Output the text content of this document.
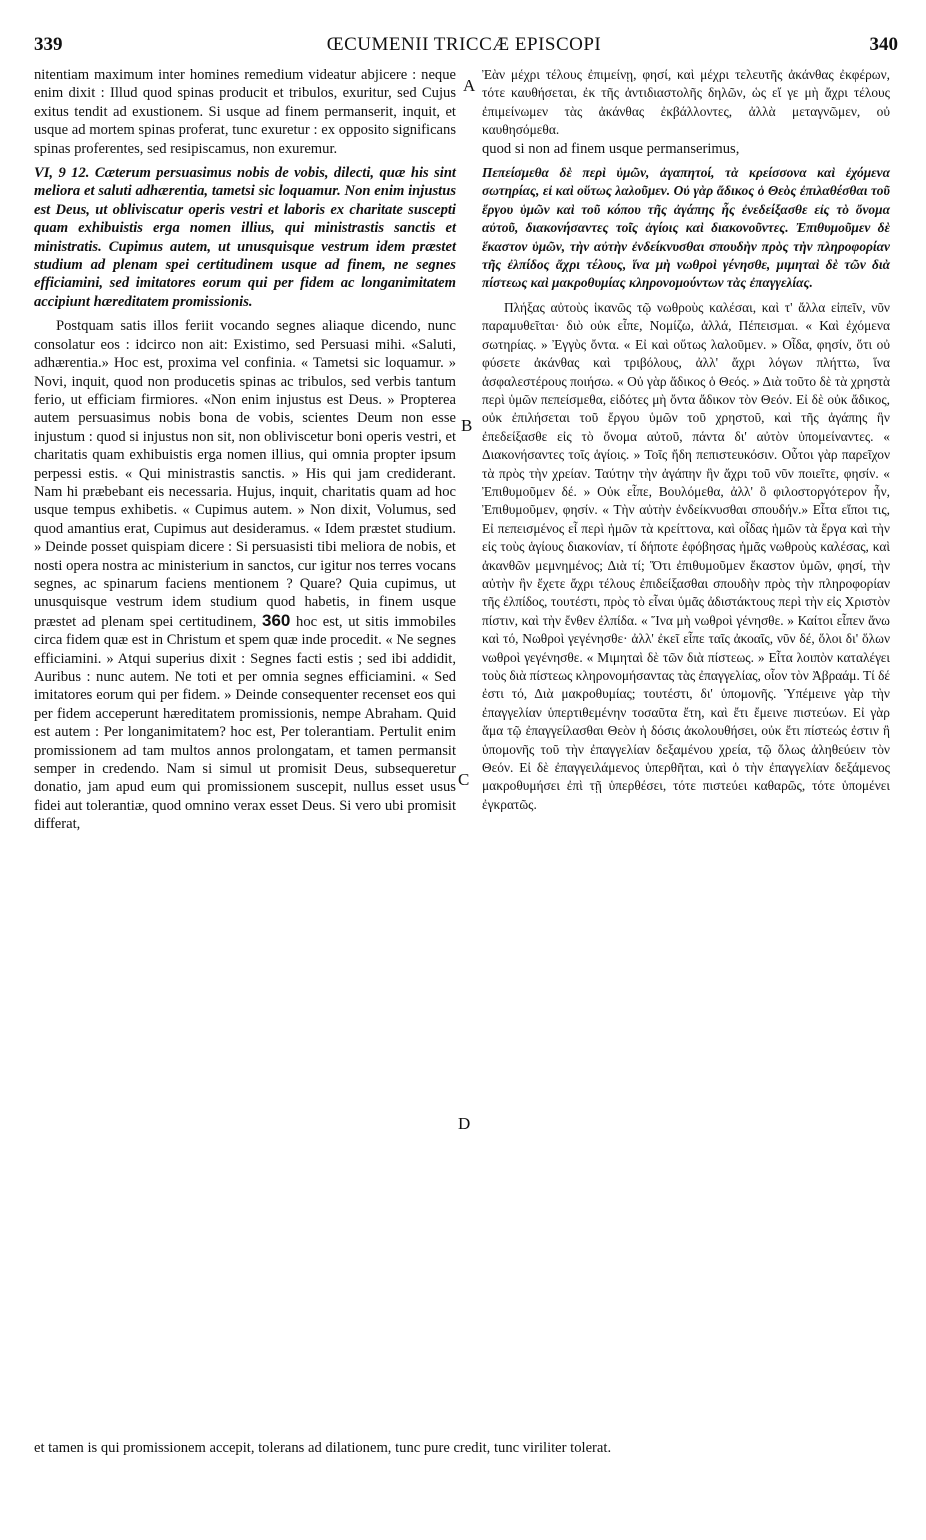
339	ŒCUMENII TRICCÆ EPISCOPI	340
A
B
C
D

nitentiam maximum inter homines remedium videatur abjicere : neque enim dixit : Illud quod spinas producit et tribulos, exuritur, sed Cujus exitus tendit ad exustionem. Si usque ad finem permanserit, inquit, et usque ad mortem spinas proferat, tunc exuretur : ex opposito significans spinas proferentes, sed resipiscamus, non exuremur.

VI, 9 12. Cæterum persuasimus nobis de vobis, dilecti, quæ his sint meliora et saluti adhærentia, tametsi sic loquamur. Non enim injustus est Deus, ut obliviscatur operis vestri et laboris ex charitate suscepti quam exhibuistis erga nomen illius, qui ministrastis sanctis et ministratis. Cupimus autem, ut unusquisque vestrum idem præstet studium ad plenam spei certitudinem usque ad finem, ne segnes efficiamini, sed imitatores eorum qui per fidem ac longanimitatem accipiunt hæreditatem promissionis.

Postquam satis illos feriit vocando segnes aliaque dicendo, nunc consolatur eos : idcirco non ait: Existimo, sed Persuasi mihi. «Saluti, adhærentia.» Hoc est, proxima vel confinia. « Tametsi sic loquamur. » Novi, inquit, quod non producetis spinas ac tribulos, sed verbis tantum ferio, ut efficiam firmiores. «Non enim injustus est Deus. » Propterea autem persuasimus nobis bona de vobis, scientes Deum non esse injustum : quod si injustus non sit, non obliviscetur boni operis vestri, et charitatis quam exhibuistis erga nomen illius, qui omnia propter ipsum perpessi estis. « Qui ministrastis sanctis. » His qui jam crediderant. Nam hi præbebant eis necessaria. Hujus, inquit, charitatis quam ad hoc usque tempus exhibetis. « Cupimus autem. » Non dixit, Volumus, sed quod amantius erat, Cupimus aut desideramus. « Idem præstet studium. » Deinde posset quispiam dicere : Si persuasisti tibi meliora de nobis, et nosti opera nostra ac ministerium in sanctos, cur igitur nos terres vocans segnes, ac spinarum faciens mentionem ? Quare? Quia cupimus, ut unusquisque vestrum idem studium quod habetis, in finem usque præstet ad plenam spei certitudinem, 360 hoc est, ut sitis immobiles circa fidem quæ est in Christum et spem quæ inde procedit. « Ne segnes efficiamini. » Atqui superius dixit : Segnes facti estis ; sed ibi addidit, Auribus : nunc autem. Ne toti et per omnia segnes efficiamini. « Sed imitatores eorum qui per fidem. » Deinde consequenter recenset eos qui per fidem acceperunt hæreditatem promissionis, nempe Abraham. Quid est autem : Per longanimitatem? hoc est, Per tolerantiam. Pertulit enim promissionem ad tam multos annos prolongatam, et tamen permansit semper in credendo. Nam si simul ut promisit Deus, subsequeretur donatio, jam apud eum qui promissionem suscepit, nullus esset usus fidei aut tolerantiæ, quod omnino verax esset Deus. Si vero ubi promisit differat,

Ἐὰν μέχρι τέλους ἐπιμείνῃ, φησί, καὶ μέχρι τελευτῆς ἀκάνθας ἐκφέρων, τότε καυθήσεται, ἐκ τῆς ἀντιδιαστολῆς δηλῶν, ὡς εἴ γε μὴ ἄχρι τέλους ἐπιμείνωμεν τὰς ἀκάνθας ἐκβάλλοντες, ἀλλὰ μεταγνῶμεν, οὐ καυθησόμεθα.

quod si non ad finem usque permanserimus,

Πεπείσμεθα δὲ περὶ ὑμῶν, ἀγαπητοί, τὰ κρείσσονα καὶ ἐχόμενα σωτηρίας, εἰ καὶ οὕτως λαλοῦμεν. Οὐ γὰρ ἄδικος ὁ Θεὸς ἐπιλαθέσθαι τοῦ ἔργου ὑμῶν καὶ τοῦ κόπου τῆς ἀγάπης ἧς ἐνεδείξασθε εἰς τὸ ὄνομα αὐτοῦ, διακονήσαντες τοῖς ἁγίοις καὶ διακονοῦντες. Ἐπιθυμοῦμεν δὲ ἕκαστον ὑμῶν, τὴν αὐτὴν ἐνδείκνυσθαι σπουδὴν πρὸς τὴν πληροφορίαν τῆς ἐλπίδος ἄχρι τέλους, ἵνα μὴ νωθροὶ γένησθε, μιμηταὶ δὲ τῶν διὰ πίστεως καὶ μακροθυμίας κληρονομούντων τὰς ἐπαγγελίας.

Πλήξας αὐτοὺς ἱκανῶς τῷ νωθροὺς καλέσαι, καὶ τ' ἄλλα εἰπεῖν, νῦν παραμυθεῖται· διὸ οὐκ εἶπε, Νομίζω, ἀλλά, Πέπεισμαι. « Καὶ ἐχόμενα σωτηρίας. » Ἐγγὺς ὄντα. « Εἰ καὶ οὕτως λαλοῦμεν. » Οἶδα, φησίν, ὅτι οὐ φύσετε ἀκάνθας καὶ τριβόλους, ἀλλ' ἄχρι λόγων πλήττω, ἵνα ἀσφαλεστέρους ποιήσω. « Οὐ γὰρ ἄδικος ὁ Θεός. » Διὰ τοῦτο δὲ τὰ χρηστὰ περὶ ὑμῶν πεπείσμεθα, εἰδότες μὴ ὄντα ἄδικον τὸν Θεόν. Εἰ δὲ οὐκ ἄδικος, οὐκ ἐπιλήσεται τοῦ ἔργου ὑμῶν τοῦ χρηστοῦ, καὶ τῆς ἀγάπης ἣν ἐπεδείξασθε εἰς τὸ ὄνομα αὐτοῦ, πάντα δι' αὐτὸν ὑπομείναντες. « Διακονήσαντες τοῖς ἁγίοις. » Τοῖς ἤδη πεπιστευκόσιν. Οὗτοι γὰρ παρεῖχον τὰ πρὸς τὴν χρείαν. Ταύτην τὴν ἀγάπην ἣν ἄχρι τοῦ νῦν ποιεῖτε, φησίν. « Ἐπιθυμοῦμεν δέ. » Οὐκ εἶπε, Βουλόμεθα, ἀλλ' ὃ φιλοστοργότερον ἦν, Ἐπιθυμοῦμεν, φησίν. « Τὴν αὐτὴν ἐνδείκνυσθαι σπουδήν.» Εἶτα εἴποι τις, Εἰ πεπεισμένος εἶ περὶ ἡμῶν τὰ κρείττονα, καὶ οἶδας ἡμῶν τὰ ἔργα καὶ τὴν εἰς τοὺς ἁγίους διακονίαν, τί δήποτε ἐφόβησας ἡμᾶς νωθροὺς καλέσας, καὶ ἀκανθῶν μεμνημένος; Διὰ τί; Ὅτι ἐπιθυμοῦμεν ἕκαστον ὑμῶν, φησί, τὴν αὐτὴν ἣν ἔχετε ἄχρι τέλους ἐπιδείξασθαι σπουδὴν πρὸς τὴν πληροφορίαν τῆς ἐλπίδος, τουτέστι, πρὸς τὸ εἶναι ὑμᾶς ἀδιστάκτους περὶ τὴν εἰς Χριστὸν πίστιν, καὶ τὴν ἔνθεν ἐλπίδα. « Ἵνα μὴ νωθροὶ γένησθε. » Καίτοι εἶπεν ἄνω καὶ τό, Νωθροὶ γεγένησθε· ἀλλ' ἐκεῖ εἶπε ταῖς ἀκοαῖς, νῦν δέ, ὅλοι δι' ὅλων νωθροὶ γεγένησθε. « Μιμηταὶ δὲ τῶν διὰ πίστεως. » Εἶτα λοιπὸν καταλέγει τοὺς διὰ πίστεως κληρονομήσαντας τὰς ἐπαγγελίας, οἷον τὸν Ἀβραάμ. Τί δέ ἐστι τό, Διὰ μακροθυμίας; τουτέστι, δι' ὑπομονῆς. Ὑπέμεινε γὰρ τὴν ἐπαγγελίαν ὑπερτιθεμένην τοσαῦτα ἔτη, καὶ ἔτι ἔμεινε πιστεύων. Εἰ γὰρ ἅμα τῷ ἐπαγγείλασθαι Θεὸν ἡ δόσις ἀκολουθήσει, οὐκ ἔτι πίστεώς ἐστιν ἢ ὑπομονῆς τοῦ τὴν ἐπαγγελίαν δεξαμένου χρεία, τῷ ὅλως ἀληθεύειν τὸν Θεόν. Εἰ δὲ ἐπαγγειλάμενος ὑπερθῆται, καὶ ὁ τὴν ἐπαγγελίαν δεξάμενος μακροθυμήσει ἐπὶ τῇ ὑπερθέσει, τότε πιστεύει καθαρῶς, τότε ὑπομένει ἐγκρατῶς.

et tamen is qui promissionem accepit, tolerans ad dilationem, tunc pure credit, tunc viriliter tolerat.
